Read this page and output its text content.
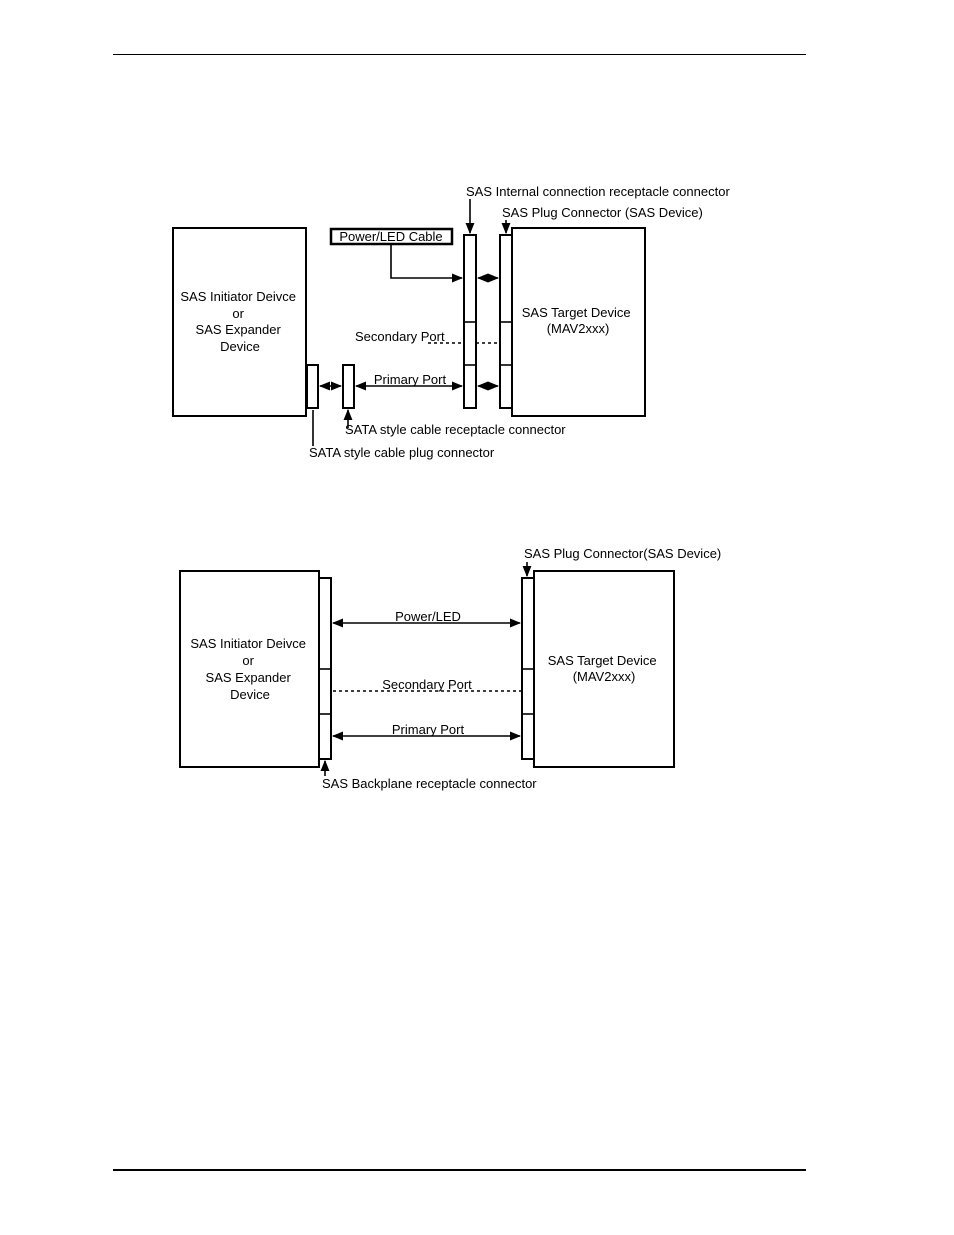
SAS Initiator Deivce or SAS Expander Device
Primary Port
Secondary Port
SAS Target Device (MAV2xxx)
Power/LED Cable
SAS Internal connection receptacle connector
SAS Plug Connector (SAS Device)
SATA style cable receptacle connector
SATA style cable plug connector
SAS Initiator Deivce or SAS Expander Device
SAS Target Device (MAV2xxx)
Power/LED
Secondary Port
Primary Port
SAS Plug Connector(SAS Device)
SAS Backplane receptacle connector
